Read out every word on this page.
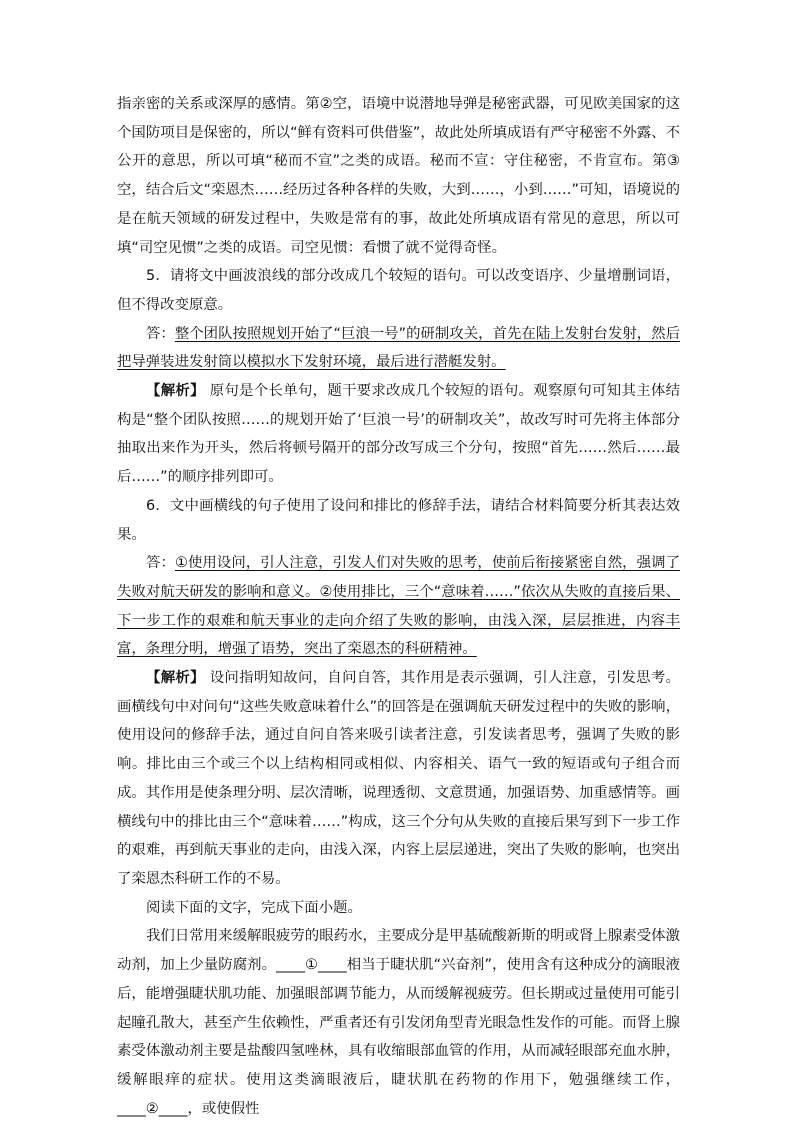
指亲密的关系或深厚的感情。第②空，语境中说潜地导弹是秘密武器，可见欧美国家的这个国防项目是保密的，所以“鲜有资料可供借鉴”，故此处所填成语有严守秘密不外露、不公开的意思，所以可填“秘而不宣”之类的成语。秘而不宣：守住秘密，不肯宣布。第③空，结合后文“栾恩杰……经历过各种各样的失败，大到……，小到……”可知，语境说的是在航天领域的研发过程中，失败是常有的事，故此处所填成语有常见的意思，所以可填“司空见惯”之类的成语。司空见惯：看惯了就不觉得奇怪。

5．请将文中画波浪线的部分改成几个较短的语句。可以改变语序、少量增删词语，但不得改变原意。

答：整个团队按照规划开始了“巨浪一号”的研制攻关，首先在陆上发射台发射，然后把导弹装进发射筒以模拟水下发射环境，最后进行潜艇发射。

【解析】 原句是个长单句，题干要求改成几个较短的语句。观察原句可知其主体结构是“整个团队按照……的规划开始了‘巨浪一号’的研制攻关”，故改写时可先将主体部分抽取出来作为开头，然后将顿号隔开的部分改写成三个分句，按照“首先……然后……最后……”的顺序排列即可。

6．文中画横线的句子使用了设问和排比的修辞手法，请结合材料简要分析其表达效果。

答：①使用设问，引人注意，引发人们对失败的思考，使前后衔接紧密自然，强调了失败对航天研发的影响和意义。②使用排比，三个“意味着……”依次从失败的直接后果、下一步工作的艰难和航天事业的走向介绍了失败的影响，由浅入深，层层推进，内容丰富，条理分明，增强了语势，突出了栾恩杰的科研精神。

【解析】 设问指明知故问，自问自答，其作用是表示强调，引人注意，引发思考。画横线句中对问句“这些失败意味着什么”的回答是在强调航天研发过程中的失败的影响，使用设问的修辞手法，通过自问自答来吸引读者注意，引发读者思考，强调了失败的影响。排比由三个或三个以上结构相同或相似、内容相关、语气一致的短语或句子组合而成。其作用是使条理分明、层次清晰，说理透彻、文意贯通，加强语势、加重感情等。画横线句中的排比由三个“意味着……”构成，这三个分句从失败的直接后果写到下一步工作的艰难，再到航天事业的走向，由浅入深，内容上层层递进，突出了失败的影响，也突出了栾恩杰科研工作的不易。

阅读下面的文字，完成下面小题。

我们日常用来缓解眼疲劳的眼药水，主要成分是甲基硫酸新斯的明或肾上腺素受体激动剂，加上少量防腐剂。____①____相当于睫状肌“兴奋剂”，使用含有这种成分的滴眼液后，能增强睫状肌功能、加强眼部调节能力，从而缓解视疲劳。但长期或过量使用可能引起瞳孔散大，甚至产生依赖性，严重者还有引发闭角型青光眼急性发作的可能。而肾上腺素受体激动剂主要是盐酸四氢唑林，具有收缩眼部血管的作用，从而减轻眼部充血水肿，缓解眼痒的症状。使用这类滴眼液后，睫状肌在药物的作用下，勉强继续工作，____②____，或使假性
